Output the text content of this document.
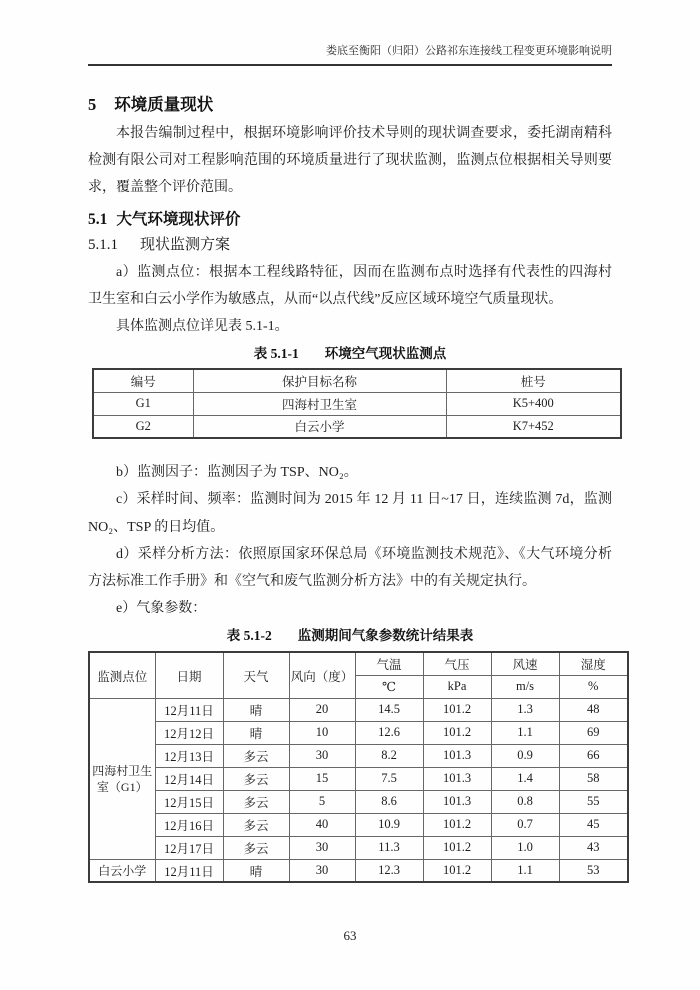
娄底至衡阳（归阳）公路祁东连接线工程变更环境影响说明
5 环境质量现状

本报告编制过程中，根据环境影响评价技术导则的现状调查要求，委托湖南精科检测有限公司对工程影响范围的环境质量进行了现状监测，监测点位根据相关导则要求，覆盖整个评价范围。

5.1 大气环境现状评价
5.1.1 现状监测方案

a）监测点位：根据本工程线路特征，因而在监测布点时选择有代表性的四海村卫生室和白云小学作为敏感点，从而“以点代线”反应区域环境空气质量现状。

具体监测点位详见表 5.1-1。

表 5.1-1 环境空气现状监测点
编号	保护目标名称	桩号
G1	四海村卫生室	K5+400
G2	白云小学	K7+452

b）监测因子：监测因子为 TSP、NO₂。

c）采样时间、频率：监测时间为 2015 年 12 月 11 日~17 日，连续监测 7d，监测 NO₂、TSP 的日均值。

d）采样分析方法：依照原国家环保总局《环境监测技术规范》、《大气环境分析方法标准工作手册》和《空气和废气监测分析方法》中的有关规定执行。

e）气象参数：

表 5.1-2 监测期间气象参数统计结果表
监测点位	日期	天气	风向（度）	气温	气压	风速	湿度
				℃	kPa	m/s	%
四海村卫生室（G1）	12月11日	晴	20	14.5	101.2	1.3	48
	12月12日	晴	10	12.6	101.2	1.1	69
	12月13日	多云	30	8.2	101.3	0.9	66
	12月14日	多云	15	7.5	101.3	1.4	58
	12月15日	多云	5	8.6	101.3	0.8	55
	12月16日	多云	40	10.9	101.2	0.7	45
	12月17日	多云	30	11.3	101.2	1.0	43
白云小学	12月11日	晴	30	12.3	101.2	1.1	53
63
